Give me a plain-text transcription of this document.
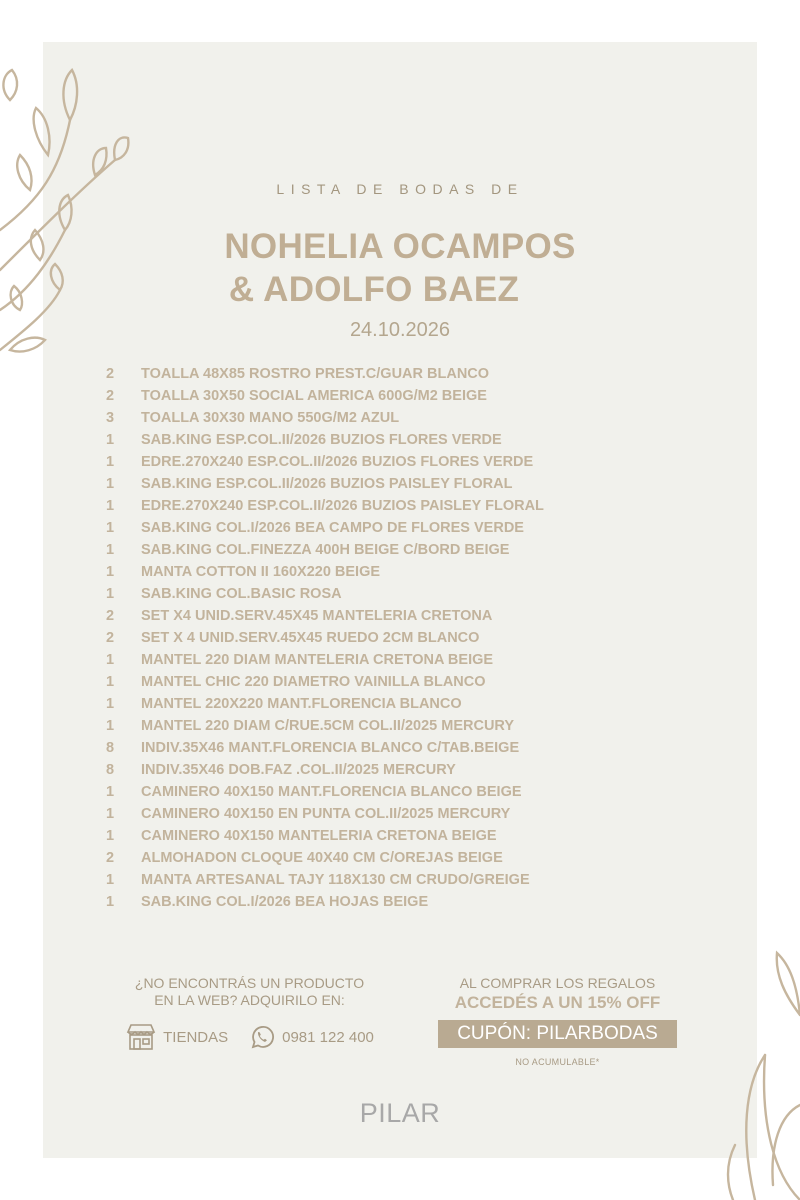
LISTA DE BODAS DE
NOHELIA OCAMPOS
& ADOLFO BAEZ
24.10.2026
2	TOALLA 48X85 ROSTRO PREST.C/GUAR BLANCO
2	TOALLA 30X50 SOCIAL AMERICA 600G/M2 BEIGE
3	TOALLA 30X30 MANO 550G/M2 AZUL
1	SAB.KING ESP.COL.II/2026 BUZIOS FLORES VERDE
1	EDRE.270X240 ESP.COL.II/2026 BUZIOS FLORES VERDE
1	SAB.KING ESP.COL.II/2026 BUZIOS PAISLEY FLORAL
1	EDRE.270X240 ESP.COL.II/2026 BUZIOS PAISLEY FLORAL
1	SAB.KING COL.I/2026 BEA CAMPO DE FLORES VERDE
1	SAB.KING COL.FINEZZA 400H BEIGE C/BORD BEIGE
1	MANTA COTTON II 160X220 BEIGE
1	SAB.KING COL.BASIC ROSA
2	SET X4 UNID.SERV.45X45 MANTELERIA CRETONA
2	SET X 4 UNID.SERV.45X45 RUEDO 2CM BLANCO
1	MANTEL 220 DIAM MANTELERIA CRETONA BEIGE
1	MANTEL CHIC 220 DIAMETRO VAINILLA BLANCO
1	MANTEL 220X220 MANT.FLORENCIA BLANCO
1	MANTEL 220 DIAM C/RUE.5CM COL.II/2025 MERCURY
8	INDIV.35X46 MANT.FLORENCIA BLANCO C/TAB.BEIGE
8	INDIV.35X46 DOB.FAZ .COL.II/2025 MERCURY
1	CAMINERO 40X150 MANT.FLORENCIA BLANCO BEIGE
1	CAMINERO 40X150 EN PUNTA COL.II/2025 MERCURY
1	CAMINERO 40X150 MANTELERIA CRETONA BEIGE
2	ALMOHADON CLOQUE 40X40 CM C/OREJAS BEIGE
1	MANTA ARTESANAL TAJY 118X130 CM CRUDO/GREIGE
1	SAB.KING COL.I/2026 BEA HOJAS BEIGE
¿NO ENCONTRÁS UN PRODUCTO
EN LA WEB? ADQUIRILO EN:
TIENDAS	0981 122 400
AL COMPRAR LOS REGALOS
ACCEDÉS A UN 15% OFF
CUPÓN: PILARBODAS
NO ACUMULABLE*
PILAR
